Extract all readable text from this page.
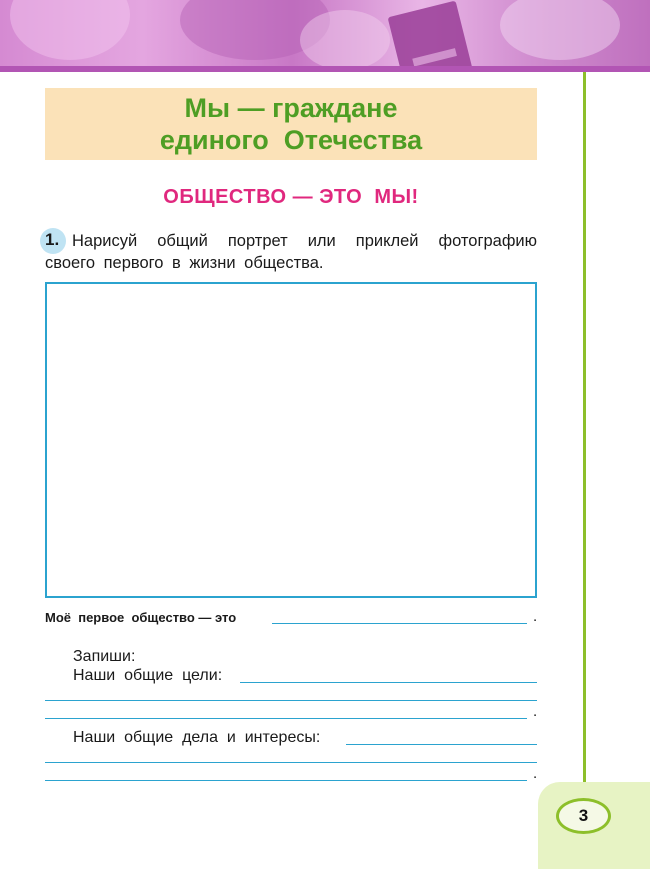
3
Мы — граждане
единого  Отечества
ОБЩЕСТВО — ЭТО  МЫ!
1. Нарисуй общий портрет или приклей фотографию своего первого в жизни общества.
Моё  первое  общество — это	.
Запиши:
Наши  общие  цели:
.
Наши  общие  дела  и  интересы:
.
